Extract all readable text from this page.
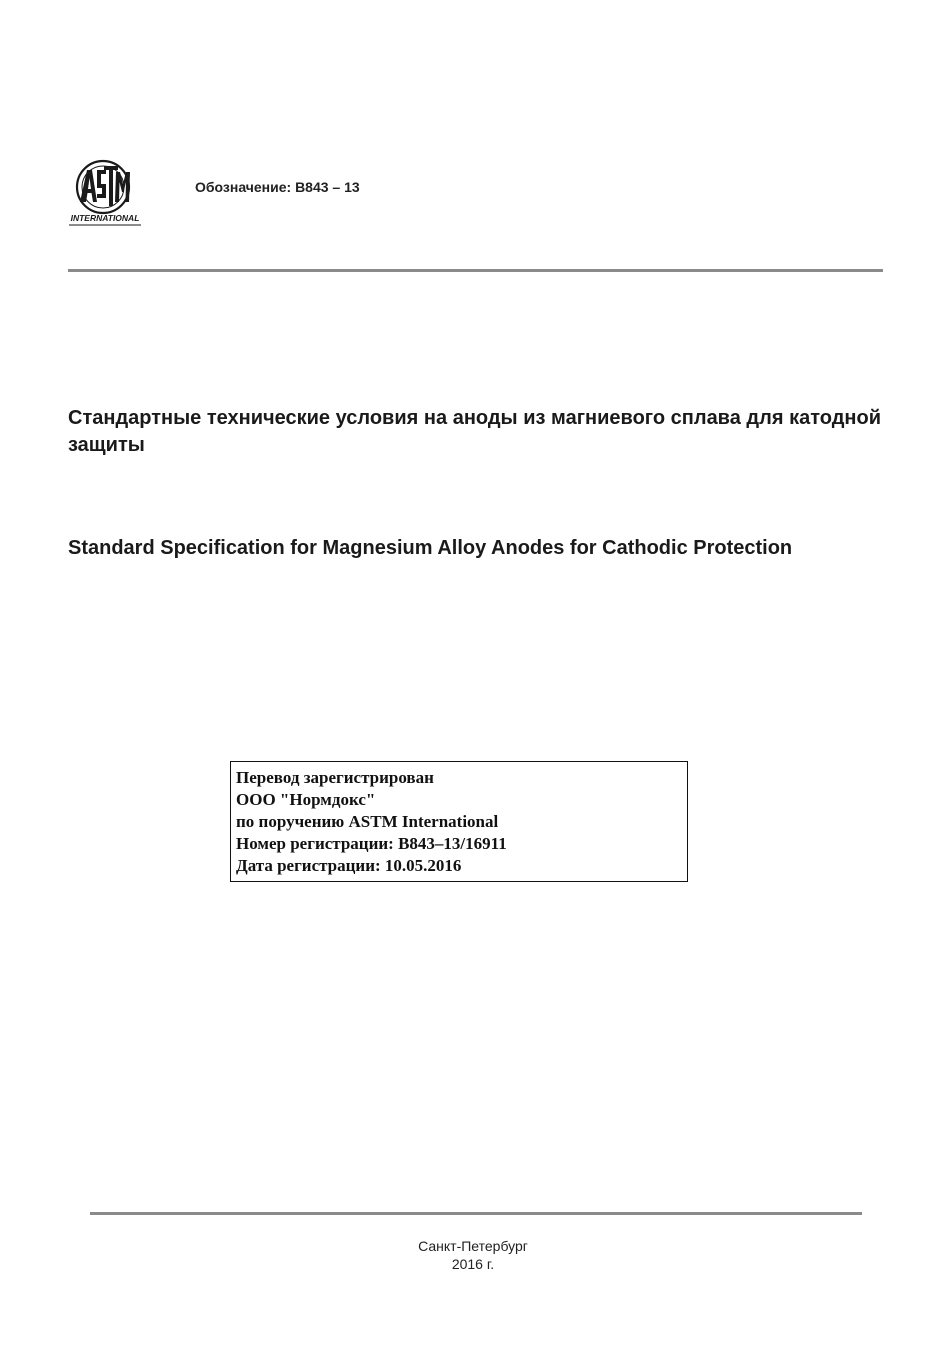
INTERNATIONAL
Обозначение: B843 – 13
Стандартные технические условия на аноды из магниевого сплава для катодной защиты
Standard Specification for Magnesium Alloy Anodes for Cathodic Protection
Перевод зарегистрирован
ООО "Нормдокс"
по поручению ASTM International
Номер регистрации: B843–13/16911
Дата регистрации: 10.05.2016
Санкт-Петербург
2016 г.
